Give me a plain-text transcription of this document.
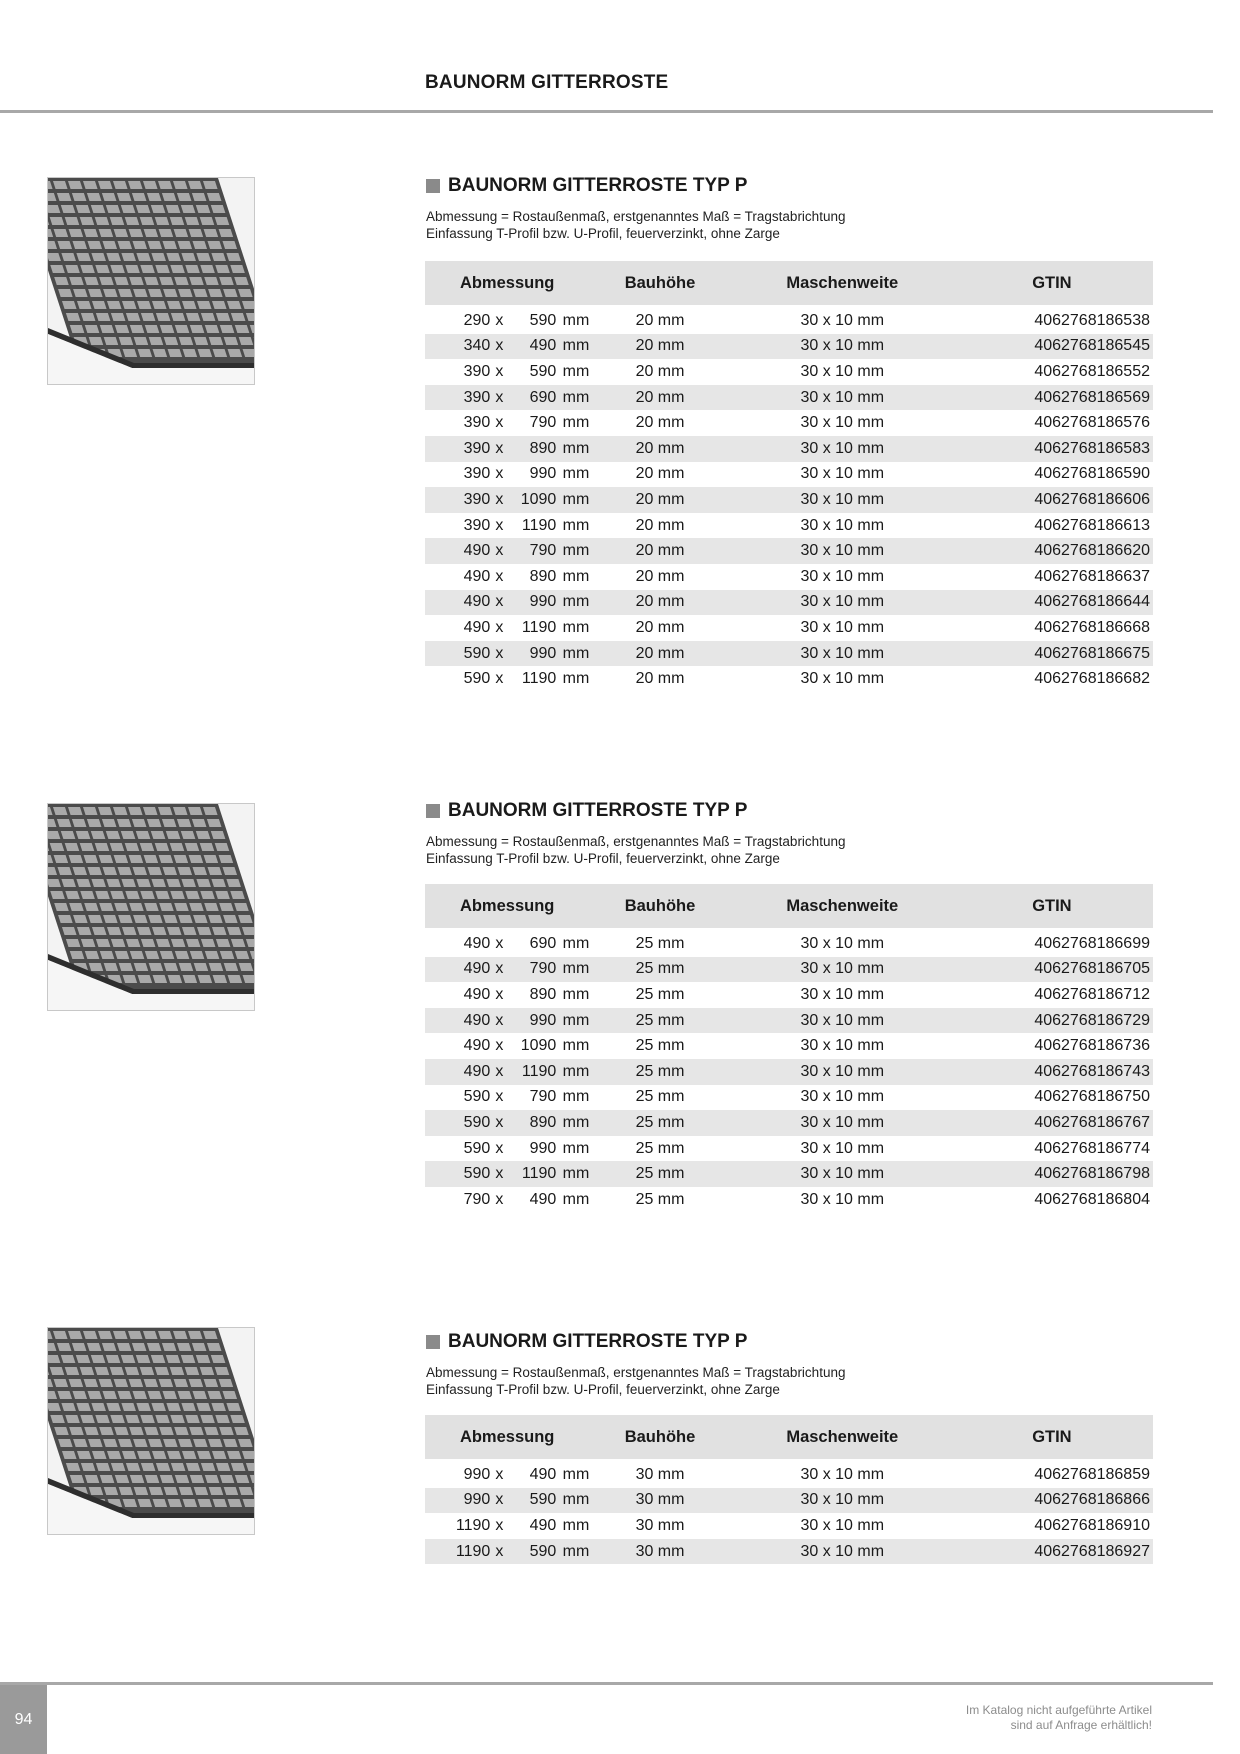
BAUNORM GITTERROSTE
BAUNORM GITTERROSTE TYP P
Abmessung = Rostaußenmaß, erstgenanntes Maß = Tragstabrichtung
Einfassung T-Profil bzw. U-Profil, feuerverzinkt, ohne Zarge
Abmessung	Bauhöhe	Maschenweite	GTIN
290 x 590 mm	20 mm	30 x 10 mm	4062768186538
340 x 490 mm	20 mm	30 x 10 mm	4062768186545
390 x 590 mm	20 mm	30 x 10 mm	4062768186552
390 x 690 mm	20 mm	30 x 10 mm	4062768186569
390 x 790 mm	20 mm	30 x 10 mm	4062768186576
390 x 890 mm	20 mm	30 x 10 mm	4062768186583
390 x 990 mm	20 mm	30 x 10 mm	4062768186590
390 x 1090 mm	20 mm	30 x 10 mm	4062768186606
390 x 1190 mm	20 mm	30 x 10 mm	4062768186613
490 x 790 mm	20 mm	30 x 10 mm	4062768186620
490 x 890 mm	20 mm	30 x 10 mm	4062768186637
490 x 990 mm	20 mm	30 x 10 mm	4062768186644
490 x 1190 mm	20 mm	30 x 10 mm	4062768186668
590 x 990 mm	20 mm	30 x 10 mm	4062768186675
590 x 1190 mm	20 mm	30 x 10 mm	4062768186682
BAUNORM GITTERROSTE TYP P
Abmessung = Rostaußenmaß, erstgenanntes Maß = Tragstabrichtung
Einfassung T-Profil bzw. U-Profil, feuerverzinkt, ohne Zarge
Abmessung	Bauhöhe	Maschenweite	GTIN
490 x 690 mm	25 mm	30 x 10 mm	4062768186699
490 x 790 mm	25 mm	30 x 10 mm	4062768186705
490 x 890 mm	25 mm	30 x 10 mm	4062768186712
490 x 990 mm	25 mm	30 x 10 mm	4062768186729
490 x 1090 mm	25 mm	30 x 10 mm	4062768186736
490 x 1190 mm	25 mm	30 x 10 mm	4062768186743
590 x 790 mm	25 mm	30 x 10 mm	4062768186750
590 x 890 mm	25 mm	30 x 10 mm	4062768186767
590 x 990 mm	25 mm	30 x 10 mm	4062768186774
590 x 1190 mm	25 mm	30 x 10 mm	4062768186798
790 x 490 mm	25 mm	30 x 10 mm	4062768186804
BAUNORM GITTERROSTE TYP P
Abmessung = Rostaußenmaß, erstgenanntes Maß = Tragstabrichtung
Einfassung T-Profil bzw. U-Profil, feuerverzinkt, ohne Zarge
Abmessung	Bauhöhe	Maschenweite	GTIN
990 x 490 mm	30 mm	30 x 10 mm	4062768186859
990 x 590 mm	30 mm	30 x 10 mm	4062768186866
1190 x 490 mm	30 mm	30 x 10 mm	4062768186910
1190 x 590 mm	30 mm	30 x 10 mm	4062768186927
94
Im Katalog nicht aufgeführte Artikel
sind auf Anfrage erhältlich!
